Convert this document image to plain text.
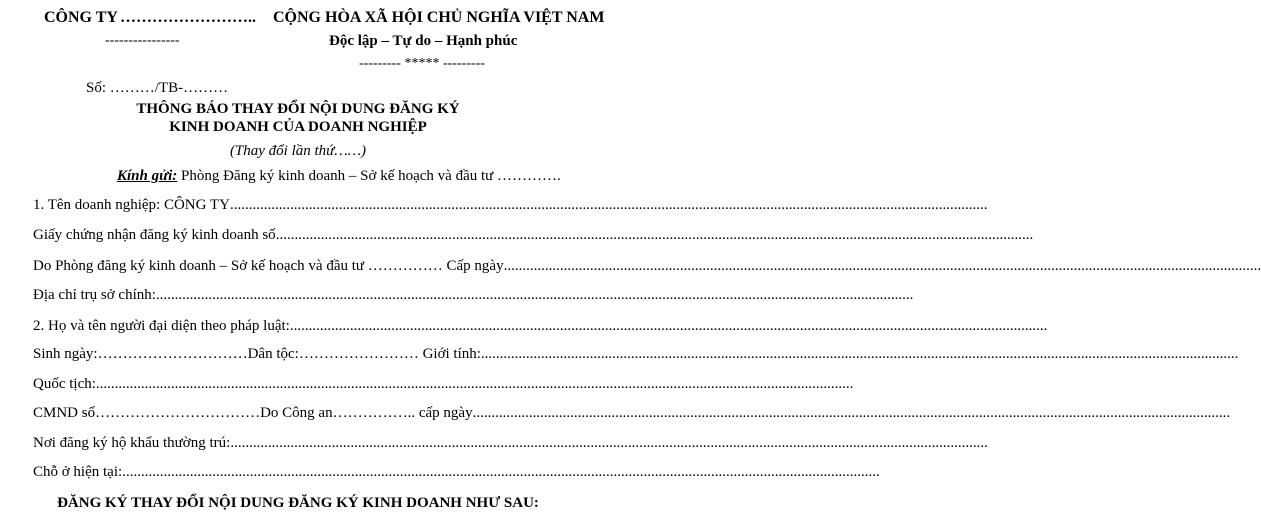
CÔNG TY ……………………..
----------------
CỘNG HÒA XÃ HỘI CHỦ NGHĨA VIỆT NAM
Độc lập – Tự do – Hạnh phúc
--------- ***** ---------
Số: ………/TB-………
THÔNG BÁO THAY ĐỔI NỘI DUNG ĐĂNG KÝ
KINH DOANH CỦA DOANH NGHIỆP
(Thay đổi lần thứ……)
Kính gửi: Phòng Đăng ký kinh doanh – Sở kế hoạch và đầu tư ………….
1. Tên doanh nghiệp: CÔNG TY ..........................................................................................................................................................................................................
Giấy chứng nhận đăng ký kinh doanh số ..........................................................................................................................................................................................................
Do Phòng đăng ký kinh doanh – Sở kế hoạch và đầu tư …………… Cấp ngày ..........................................................................................................................................................................................................
Địa chỉ trụ sở chính: ..........................................................................................................................................................................................................
2. Họ và tên người đại diện theo pháp luật: ..........................................................................................................................................................................................................
Sinh ngày:…………………………Dân tộc:…………………… Giới tính: ..........................................................................................................................................................................................................
Quốc tịch: ..........................................................................................................................................................................................................
CMND số……………………………Do Công an…………….. cấp ngày ..........................................................................................................................................................................................................
Nơi đăng ký hộ khẩu thường trú: ..........................................................................................................................................................................................................
Chỗ ở hiện tại: ..........................................................................................................................................................................................................
ĐĂNG KÝ THAY ĐỔI NỘI DUNG ĐĂNG KÝ KINH DOANH NHƯ SAU:
